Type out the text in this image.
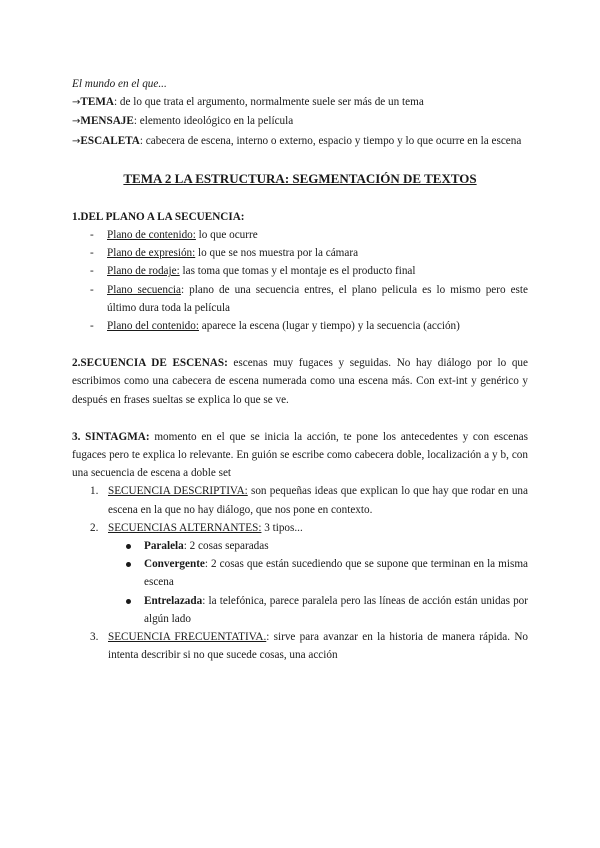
El mundo en el que...
→TEMA: de lo que trata el argumento, normalmente suele ser más de un tema
→MENSAJE: elemento ideológico en la película
→ESCALETA: cabecera de escena, interno o externo, espacio y tiempo y lo que ocurre en la escena
TEMA 2 LA ESTRUCTURA: SEGMENTACIÓN DE TEXTOS
1.DEL PLANO A LA SECUENCIA:
- Plano de contenido: lo que ocurre
- Plano de expresión: lo que se nos muestra por la cámara
- Plano de rodaje: las toma que tomas y el montaje es el producto final
- Plano secuencia: plano de una secuencia entres, el plano pelicula es lo mismo pero este último dura toda la película
- Plano del contenido: aparece la escena (lugar y tiempo) y la secuencia (acción)
2.SECUENCIA DE ESCENAS: escenas muy fugaces y seguidas. No hay diálogo por lo que escribimos como una cabecera de escena numerada como una escena más. Con ext-int y genérico y después en frases sueltas se explica lo que se ve.
3. SINTAGMA: momento en el que se inicia la acción, te pone los antecedentes y con escenas fugaces pero te explica lo relevante. En guión se escribe como cabecera doble, localización a y b, con una secuencia de escena a doble set
1. SECUENCIA DESCRIPTIVA: son pequeñas ideas que explican lo que hay que rodar en una escena en la que no hay diálogo, que nos pone en contexto.
2. SECUENCIAS ALTERNANTES: 3 tipos...
Paralela: 2 cosas separadas
Convergente: 2 cosas que están sucediendo que se supone que terminan en la misma escena
Entrelazada: la telefónica, parece paralela pero las líneas de acción están unidas por algún lado
3. SECUENCIA FRECUENTATIVA.: sirve para avanzar en la historia de manera rápida. No intenta describir si no que sucede cosas, una acción
